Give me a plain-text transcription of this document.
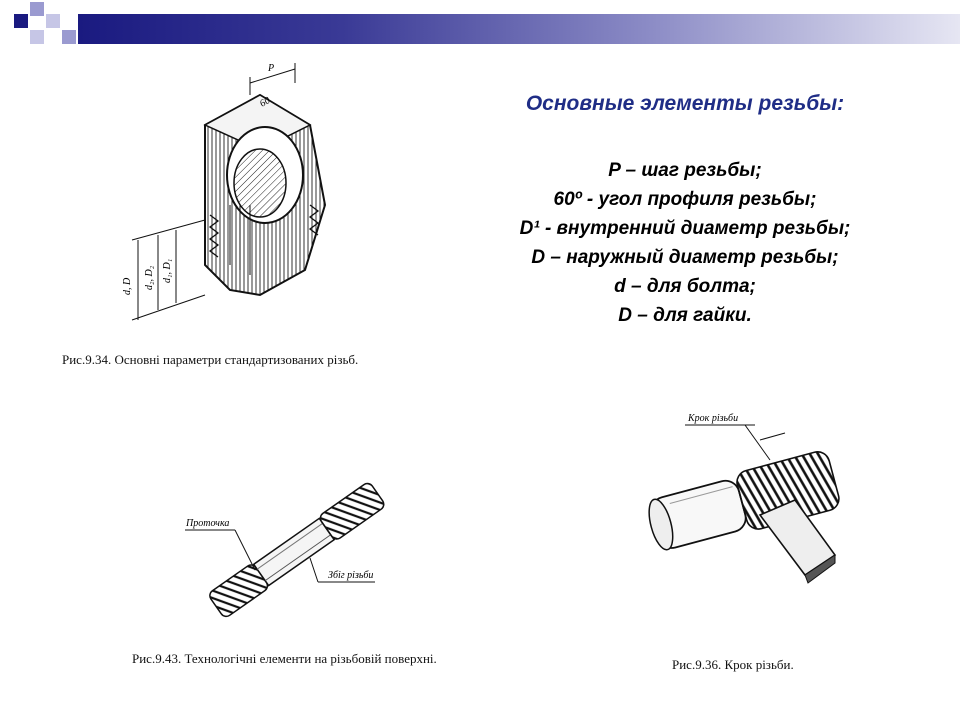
Основные элементы резьбы:
P – шаг резьбы;
60º - угол профиля резьбы;
D¹ - внутренний диаметр резьбы;
D – наружный диаметр резьбы;
d – для болта;
D – для гайки.
P
60
d, D d₂, D₂ d₁, D₁
Рис.9.34. Основні параметри стандартизованих різьб.
Проточка
Збіг різьби
Рис.9.43. Технологічні елементи на різьбовій поверхні.
Крок різьби
Рис.9.36. Крок різьби.
